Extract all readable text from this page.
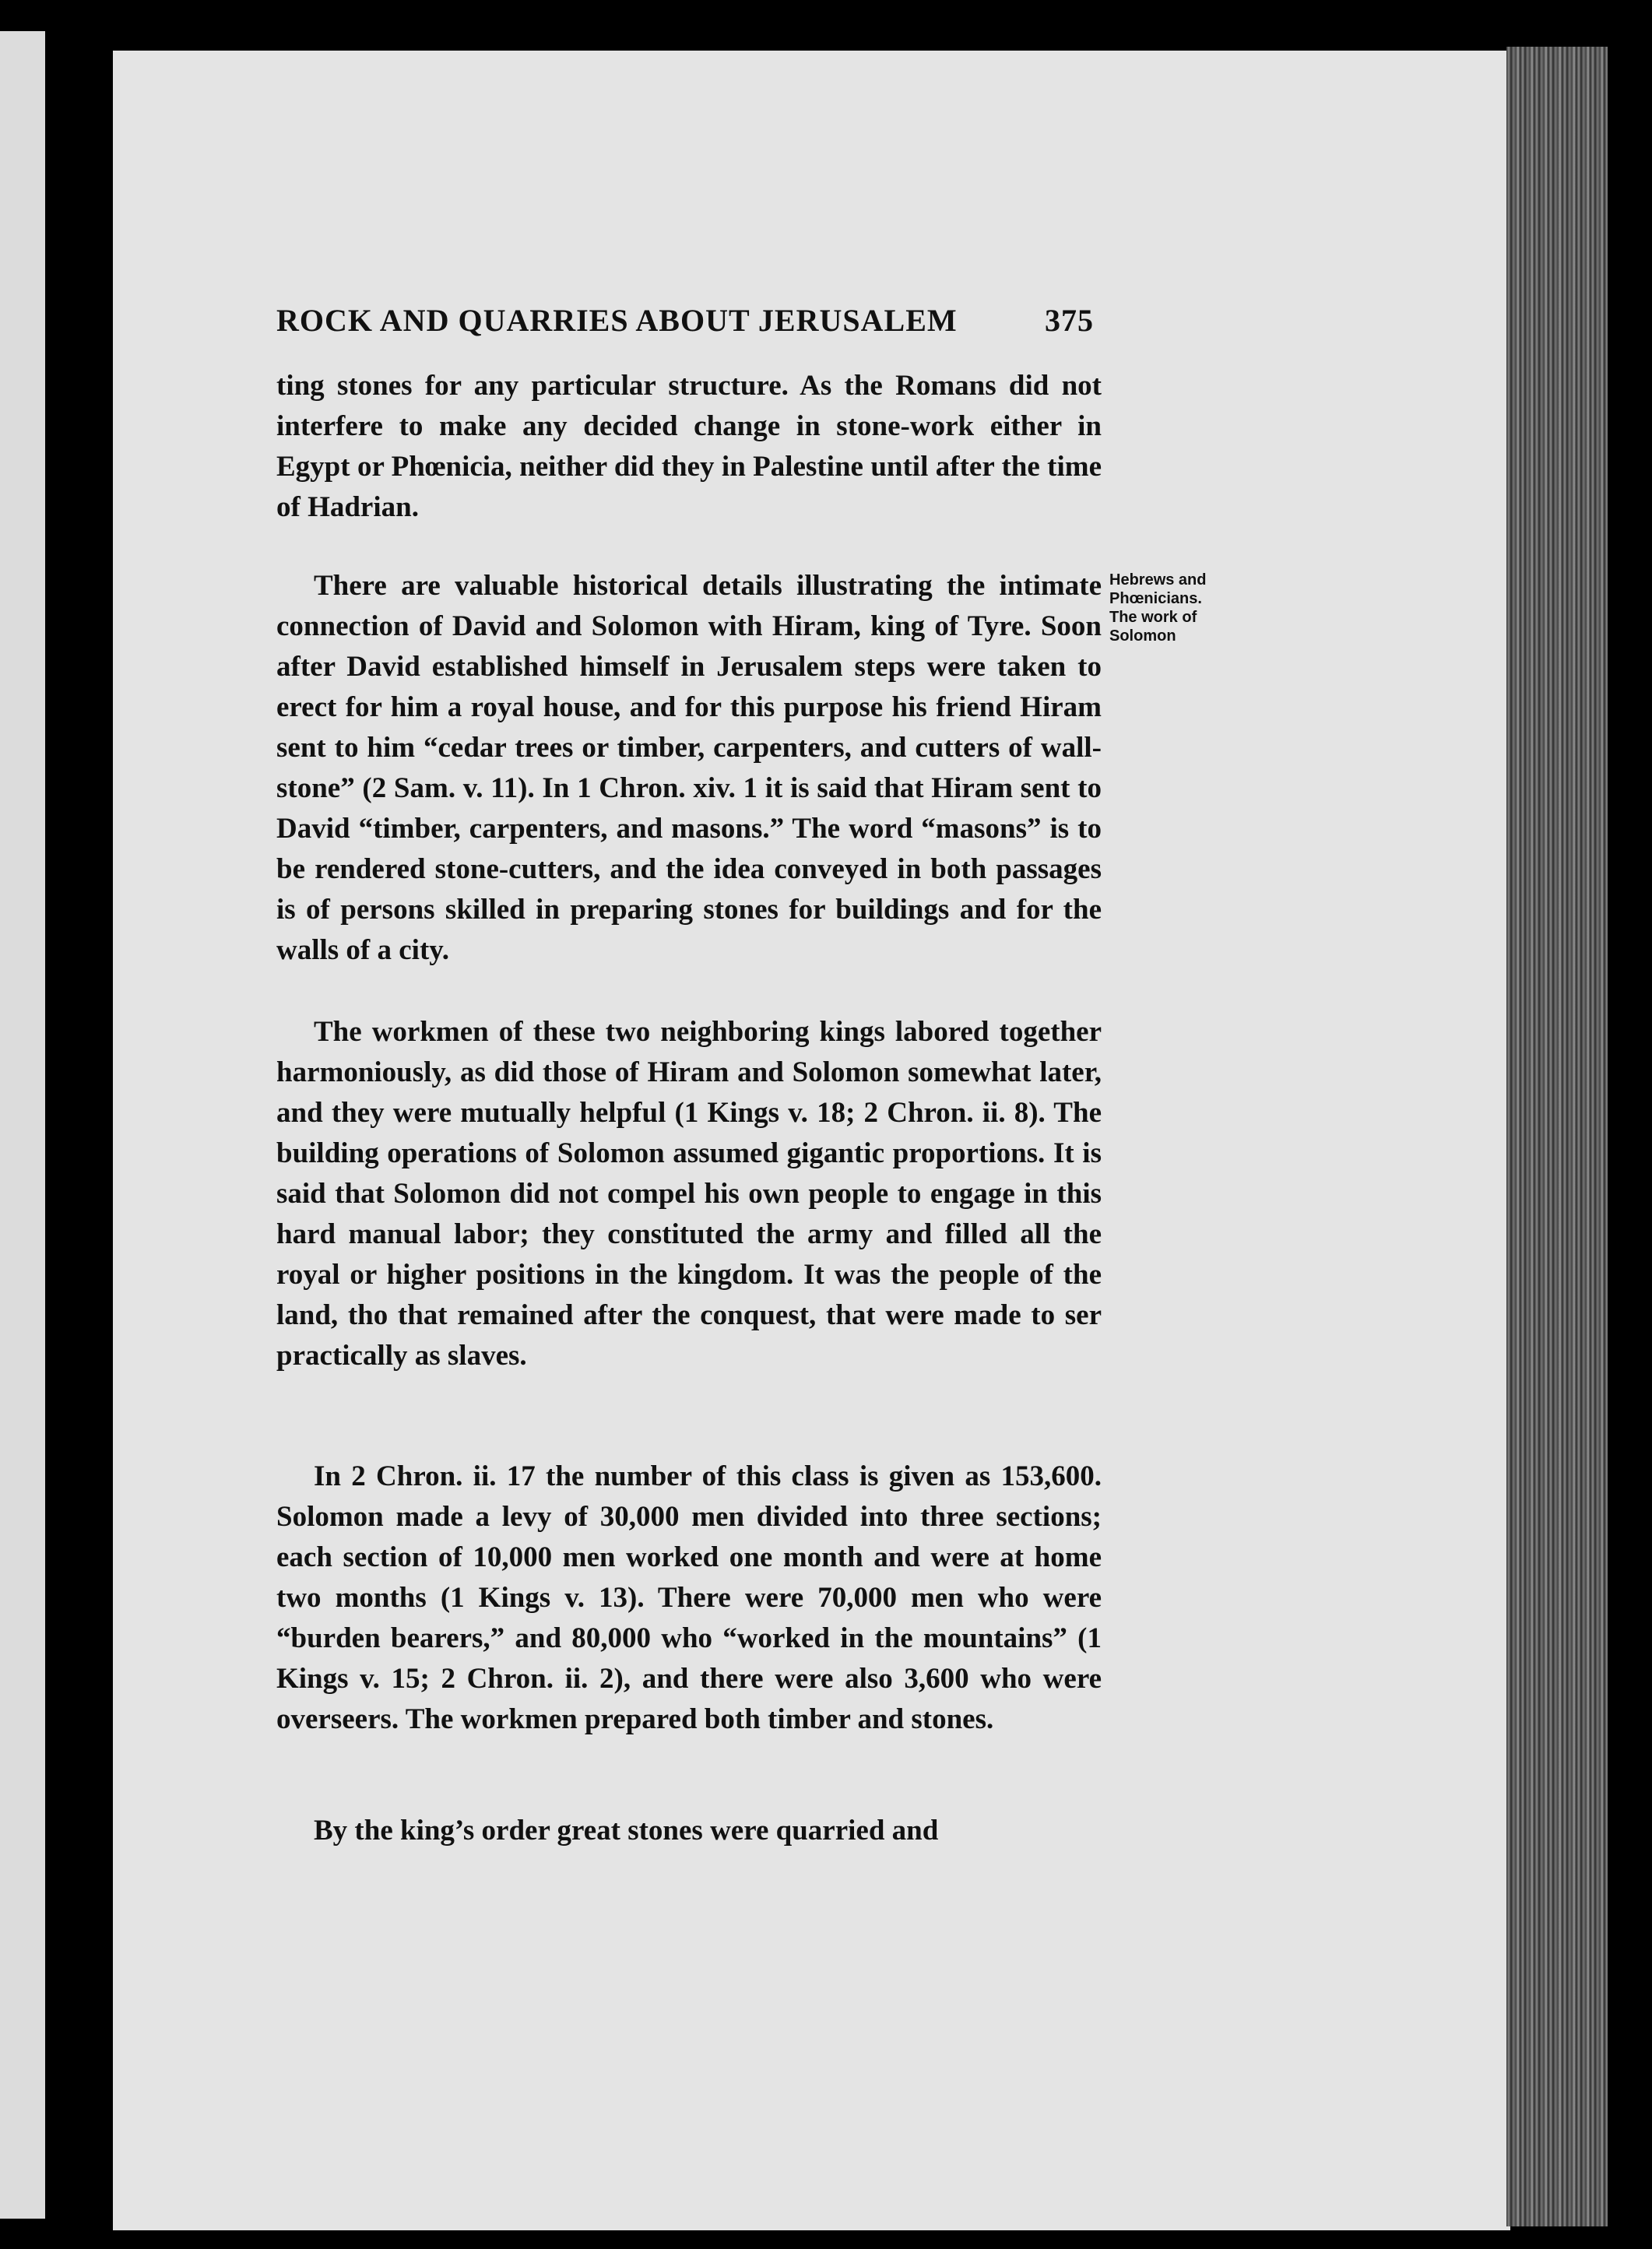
ROCK AND QUARRIES ABOUT JERUSALEM	375

ting stones for any particular structure. As the Romans did not interfere to make any decided change in stone-work either in Egypt or Phœnicia, neither did they in Palestine until after the time of Hadrian.

There are valuable historical details illustrating the intimate connection of David and Solomon with Hiram, king of Tyre. Soon after David established himself in Jerusalem steps were taken to erect for him a royal house, and for this purpose his friend Hiram sent to him “cedar trees or timber, carpenters, and cutters of wall-stone” (2 Sam. v. 11). In 1 Chron. xiv. 1 it is said that Hiram sent to David “timber, carpenters, and masons.” The word “masons” is to be rendered stone-cutters, and the idea conveyed in both passages is of persons skilled in preparing stones for buildings and for the walls of a city.

Hebrews and
Phœnicians.
The work of
Solomon

The workmen of these two neighboring kings labored together harmoniously, as did those of Hiram and Solomon somewhat later, and they were mutually helpful (1 Kings v. 18; 2 Chron. ii. 8). The building operations of Solomon assumed gigantic proportions. It is said that Solomon did not compel his own people to engage in this hard manual labor; they constituted the army and filled all the royal or higher positions in the kingdom. It was the people of the land, tho that remained after the conquest, that were made to ser practically as slaves.

In 2 Chron. ii. 17 the number of this class is given as 153,600. Solomon made a levy of 30,000 men divided into three sections; each section of 10,000 men worked one month and were at home two months (1 Kings v. 13). There were 70,000 men who were “burden bearers,” and 80,000 who “worked in the mountains” (1 Kings v. 15; 2 Chron. ii. 2), and there were also 3,600 who were overseers. The workmen prepared both timber and stones.

By the king’s order great stones were quarried and
